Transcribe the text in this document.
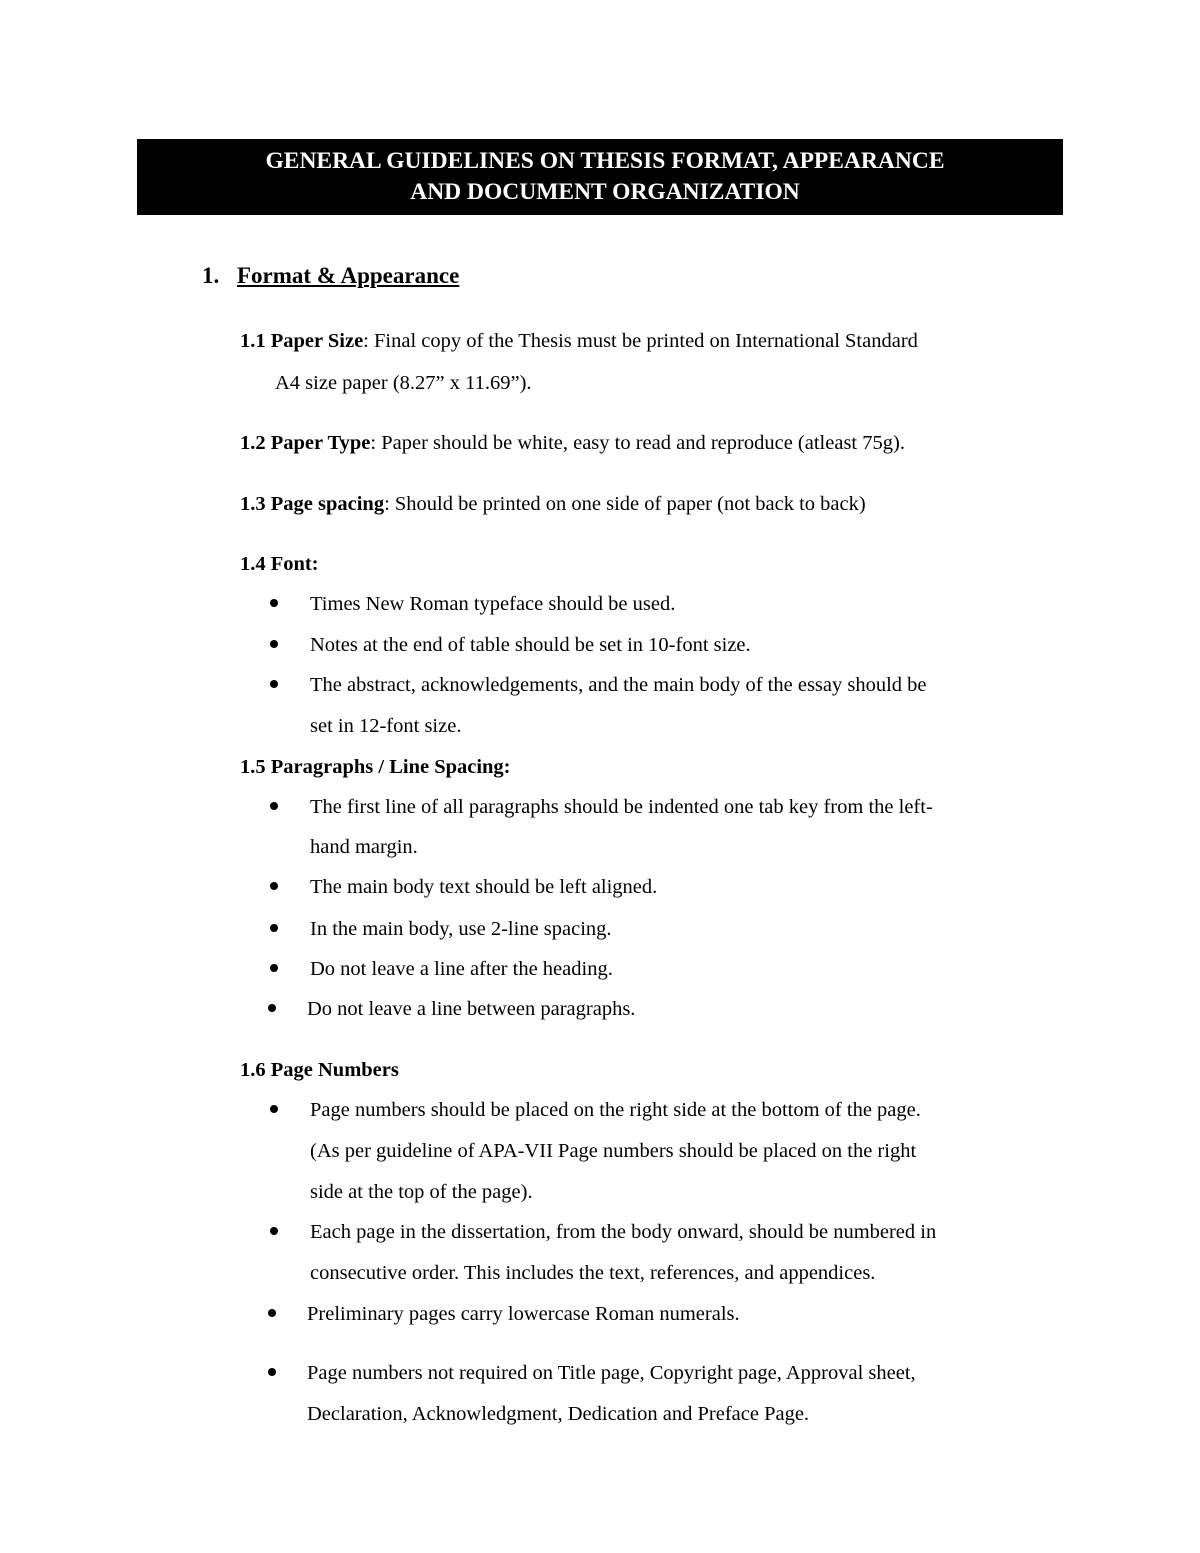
GENERAL GUIDELINES ON THESIS FORMAT, APPEARANCE
AND DOCUMENT ORGANIZATION
1. Format & Appearance
1.1 Paper Size: Final copy of the Thesis must be printed on International Standard
A4 size paper (8.27” x 11.69”).
1.2 Paper Type: Paper should be white, easy to read and reproduce (atleast 75g).
1.3 Page spacing: Should be printed on one side of paper (not back to back)
1.4 Font:
Times New Roman typeface should be used.
Notes at the end of table should be set in 10-font size.
The abstract, acknowledgements, and the main body of the essay should be
set in 12-font size.
1.5 Paragraphs / Line Spacing:
The first line of all paragraphs should be indented one tab key from the left-
hand margin.
The main body text should be left aligned.
In the main body, use 2-line spacing.
Do not leave a line after the heading.
Do not leave a line between paragraphs.
1.6 Page Numbers
Page numbers should be placed on the right side at the bottom of the page.
(As per guideline of APA-VII Page numbers should be placed on the right
side at the top of the page).
Each page in the dissertation, from the body onward, should be numbered in
consecutive order. This includes the text, references, and appendices.
Preliminary pages carry lowercase Roman numerals.
Page numbers not required on Title page, Copyright page, Approval sheet,
Declaration, Acknowledgment, Dedication and Preface Page.
